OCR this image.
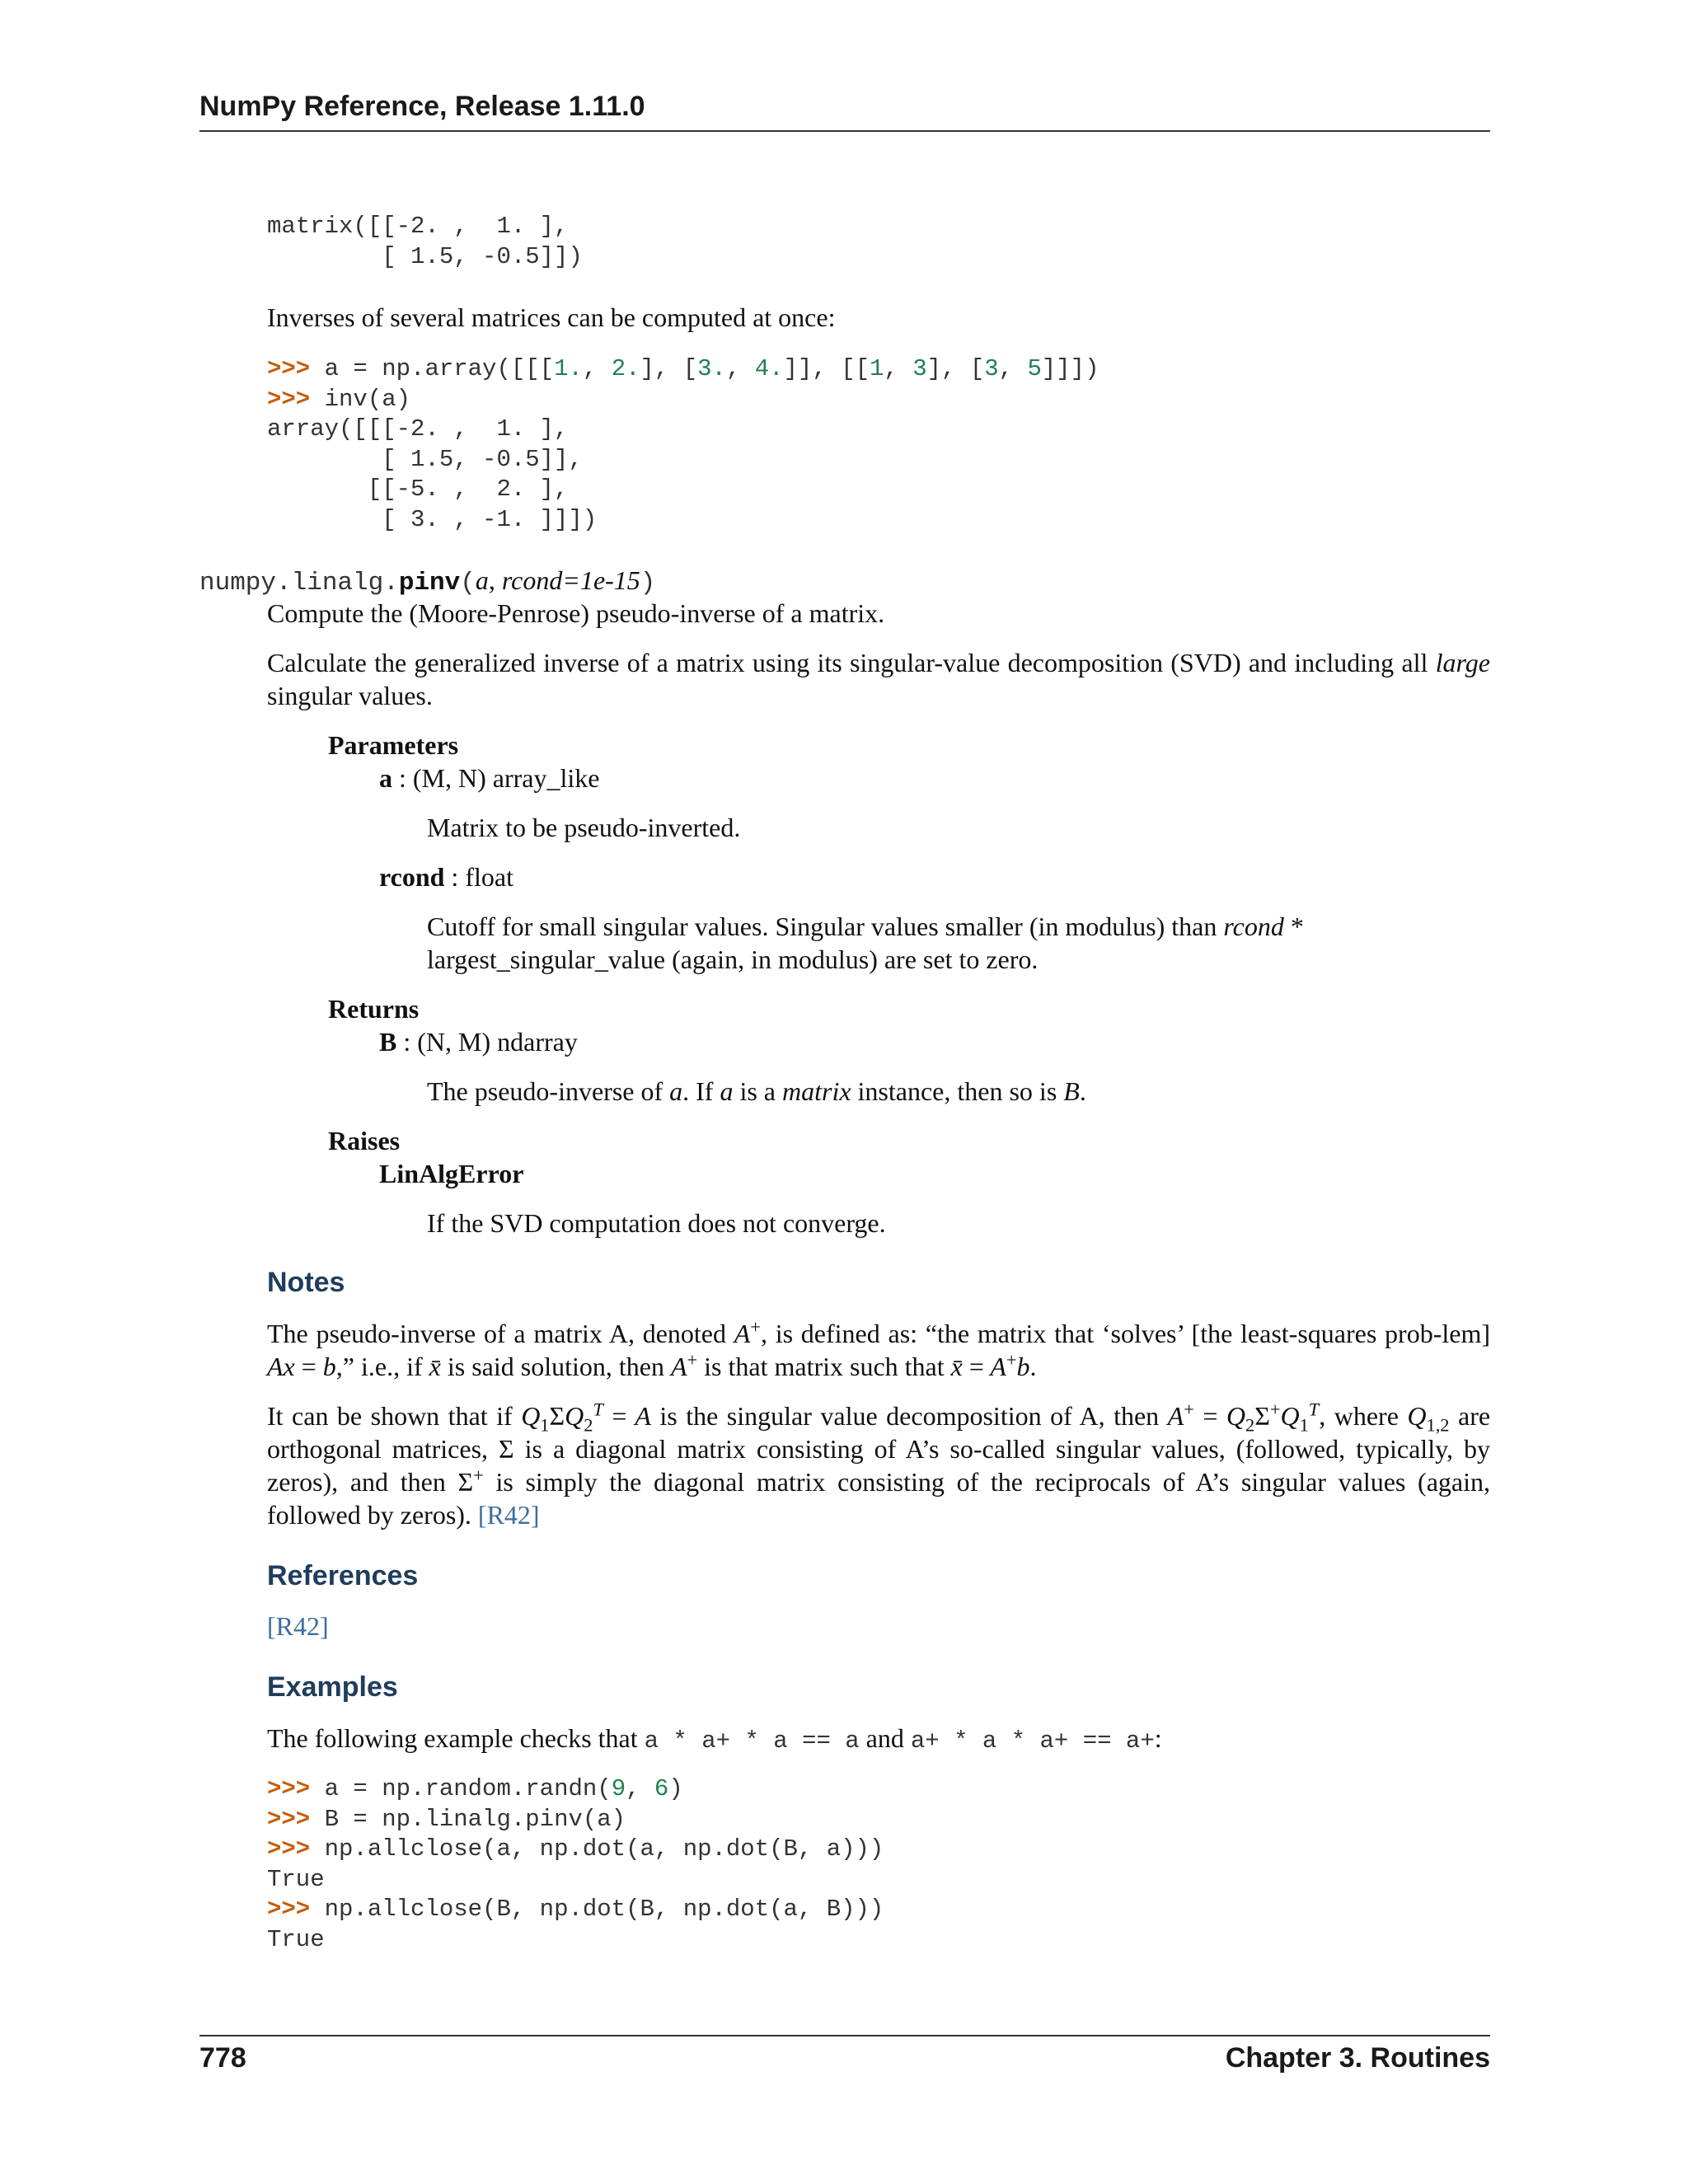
NumPy Reference, Release 1.11.0
matrix([[-2. ,  1. ],
[ 1.5, -0.5]])

Inverses of several matrices can be computed at once:

>>> a = np.array([[[1., 2.], [3., 4.]], [[1, 3], [3, 5]]])
>>> inv(a)
array([[[-2. ,  1. ],
[ 1.5, -0.5]],
[[-5. ,  2. ],
[ 3. , -1. ]]])
numpy.linalg.pinv(a, rcond=1e-15)

Compute the (Moore-Penrose) pseudo-inverse of a matrix.

Calculate the generalized inverse of a matrix using its singular-value decomposition (SVD) and including all large singular values.

Parameters

a : (M, N) array_like

Matrix to be pseudo-inverted.

rcond : float

Cutoff for small singular values. Singular values smaller (in modulus) than rcond *
largest_singular_value (again, in modulus) are set to zero.

Returns

B : (N, M) ndarray

The pseudo-inverse of a. If a is a matrix instance, then so is B.

Raises
LinAlgError

If the SVD computation does not converge.

Notes

The pseudo-inverse of a matrix A, denoted A+, is defined as: “the matrix that ‘solves’ [the least-squares prob-lem] Ax = b,” i.e., if x̄ is said solution, then A+ is that matrix such that x̄ = A+b.

It can be shown that if $Q_1\Sigma Q_2^T = A$ is the singular value decomposition of A, then $A^+ = Q_2\Sigma^+Q_1^T$, where $Q_{1,2}$ are orthogonal matrices, Σ is a diagonal matrix consisting of A’s so-called singular values, (followed, typically, by zeros), and then Σ+ is simply the diagonal matrix consisting of the reciprocals of A’s singular values (again, followed by zeros). [R42]

References

[R42]

Examples

The following example checks that a * a+ * a == a and a+ * a * a+ == a+:

>>> a = np.random.randn(9, 6)
>>> B = np.linalg.pinv(a)
>>> np.allclose(a, np.dot(a, np.dot(B, a)))
True
>>> np.allclose(B, np.dot(B, np.dot(a, B)))
True
778	Chapter 3. Routines
